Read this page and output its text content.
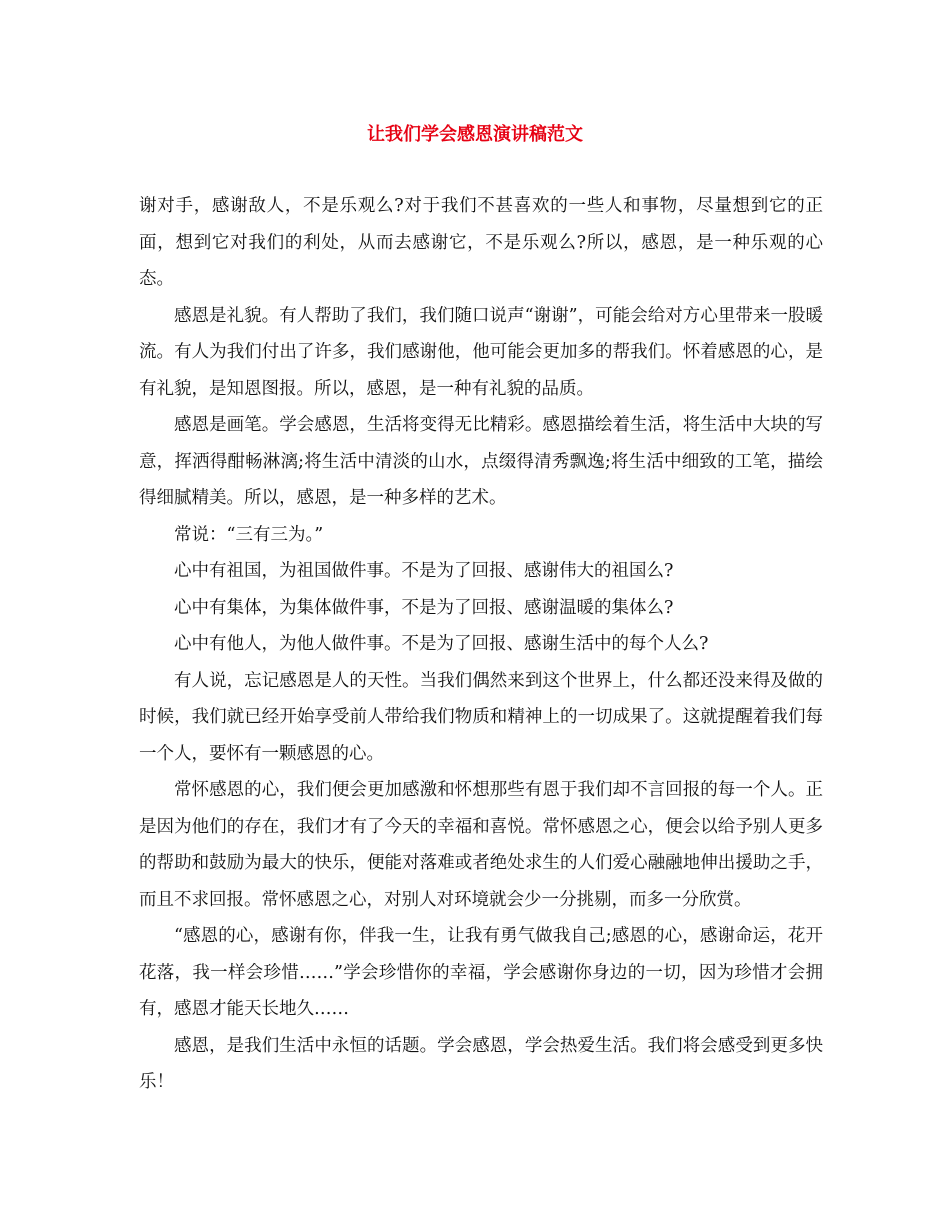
让我们学会感恩演讲稿范文

谢对手，感谢敌人，不是乐观么?对于我们不甚喜欢的一些人和事物，尽量想到它的正面，想到它对我们的利处，从而去感谢它，不是乐观么?所以，感恩，是一种乐观的心态。

感恩是礼貌。有人帮助了我们，我们随口说声“谢谢”，可能会给对方心里带来一股暖流。有人为我们付出了许多，我们感谢他，他可能会更加多的帮我们。怀着感恩的心，是有礼貌，是知恩图报。所以，感恩，是一种有礼貌的品质。

感恩是画笔。学会感恩，生活将变得无比精彩。感恩描绘着生活，将生活中大块的写意，挥洒得酣畅淋漓;将生活中清淡的山水，点缀得清秀飘逸;将生活中细致的工笔，描绘得细腻精美。所以，感恩，是一种多样的艺术。

常说：“三有三为。”

心中有祖国，为祖国做件事。不是为了回报、感谢伟大的祖国么?

心中有集体，为集体做件事，不是为了回报、感谢温暖的集体么?

心中有他人，为他人做件事。不是为了回报、感谢生活中的每个人么?

有人说，忘记感恩是人的天性。当我们偶然来到这个世界上，什么都还没来得及做的时候，我们就已经开始享受前人带给我们物质和精神上的一切成果了。这就提醒着我们每一个人，要怀有一颗感恩的心。

常怀感恩的心，我们便会更加感激和怀想那些有恩于我们却不言回报的每一个人。正是因为他们的存在，我们才有了今天的幸福和喜悦。常怀感恩之心，便会以给予别人更多的帮助和鼓励为最大的快乐，便能对落难或者绝处求生的人们爱心融融地伸出援助之手，而且不求回报。常怀感恩之心，对别人对环境就会少一分挑剔，而多一分欣赏。

“感恩的心，感谢有你，伴我一生，让我有勇气做我自己;感恩的心，感谢命运，花开花落，我一样会珍惜……”学会珍惜你的幸福，学会感谢你身边的一切，因为珍惜才会拥有，感恩才能天长地久……

感恩，是我们生活中永恒的话题。学会感恩，学会热爱生活。我们将会感受到更多快乐！
